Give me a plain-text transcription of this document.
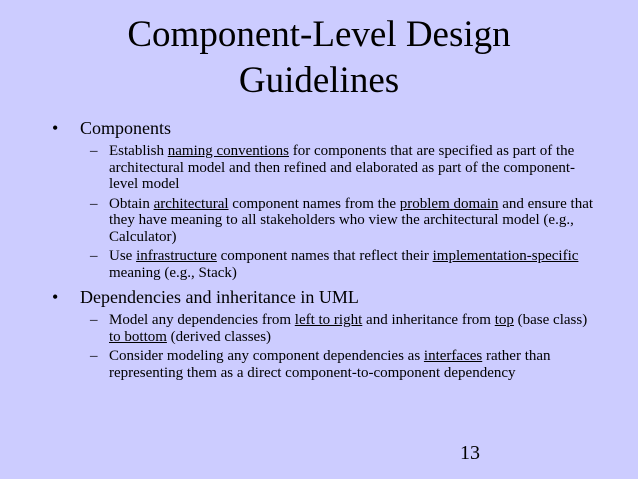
Component-Level Design
Guidelines
• Components
– Establish naming conventions for components that are specified as part of the architectural model and then refined and elaborated as part of the component-level model
– Obtain architectural component names from the problem domain and ensure that they have meaning to all stakeholders who view the architectural model (e.g., Calculator)
– Use infrastructure component names that reflect their implementation-specific meaning (e.g., Stack)
• Dependencies and inheritance in UML
– Model any dependencies from left to right and inheritance from top (base class) to bottom (derived classes)
– Consider modeling any component dependencies as interfaces rather than representing them as a direct component-to-component dependency
13
